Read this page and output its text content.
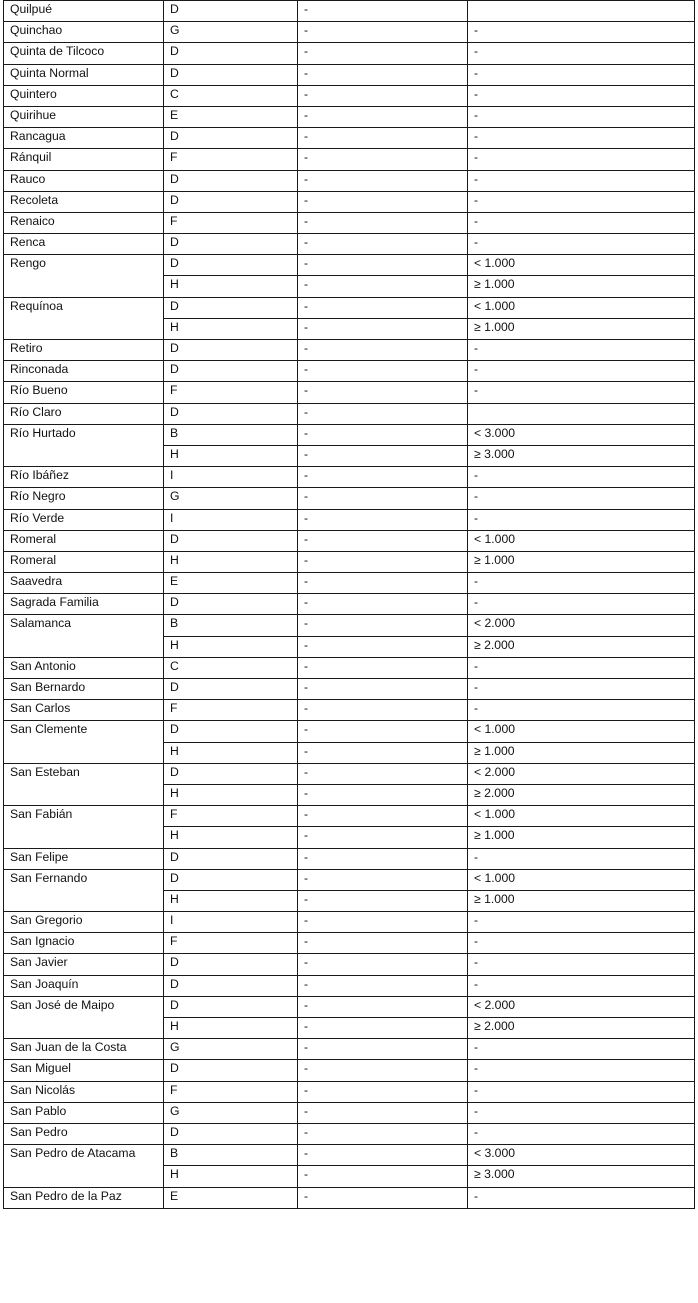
Quilpué	D	-	
Quinchao	G	-	-
Quinta de Tilcoco	D	-	-
Quinta Normal	D	-	-
Quintero	C	-	-
Quirihue	E	-	-
Rancagua	D	-	-
Ránquil	F	-	-
Rauco	D	-	-
Recoleta	D	-	-
Renaico	F	-	-
Renca	D	-	-
Rengo	D	-	< 1.000
	H	-	≥ 1.000
Requínoa	D	-	< 1.000
	H	-	≥ 1.000
Retiro	D	-	-
Rinconada	D	-	-
Río Bueno	F	-	-
Río Claro	D	-	
Río Hurtado	B	-	< 3.000
	H	-	≥ 3.000
Río Ibáñez	I	-	-
Río Negro	G	-	-
Río Verde	I	-	-
Romeral	D	-	< 1.000
Romeral	H	-	≥ 1.000
Saavedra	E	-	-
Sagrada Familia	D	-	-
Salamanca	B	-	< 2.000
	H	-	≥ 2.000
San Antonio	C	-	-
San Bernardo	D	-	-
San Carlos	F	-	-
San Clemente	D	-	< 1.000
	H	-	≥ 1.000
San Esteban	D	-	< 2.000
	H	-	≥ 2.000
San Fabián	F	-	< 1.000
	H	-	≥ 1.000
San Felipe	D	-	-
San Fernando	D	-	< 1.000
	H	-	≥ 1.000
San Gregorio	I	-	-
San Ignacio	F	-	-
San Javier	D	-	-
San Joaquín	D	-	-
San José de Maipo	D	-	< 2.000
	H	-	≥ 2.000
San Juan de la Costa	G	-	-
San Miguel	D	-	-
San Nicolás	F	-	-
San Pablo	G	-	-
San Pedro	D	-	-
San Pedro de Atacama	B	-	< 3.000
	H	-	≥ 3.000
San Pedro de la Paz	E	-	-
